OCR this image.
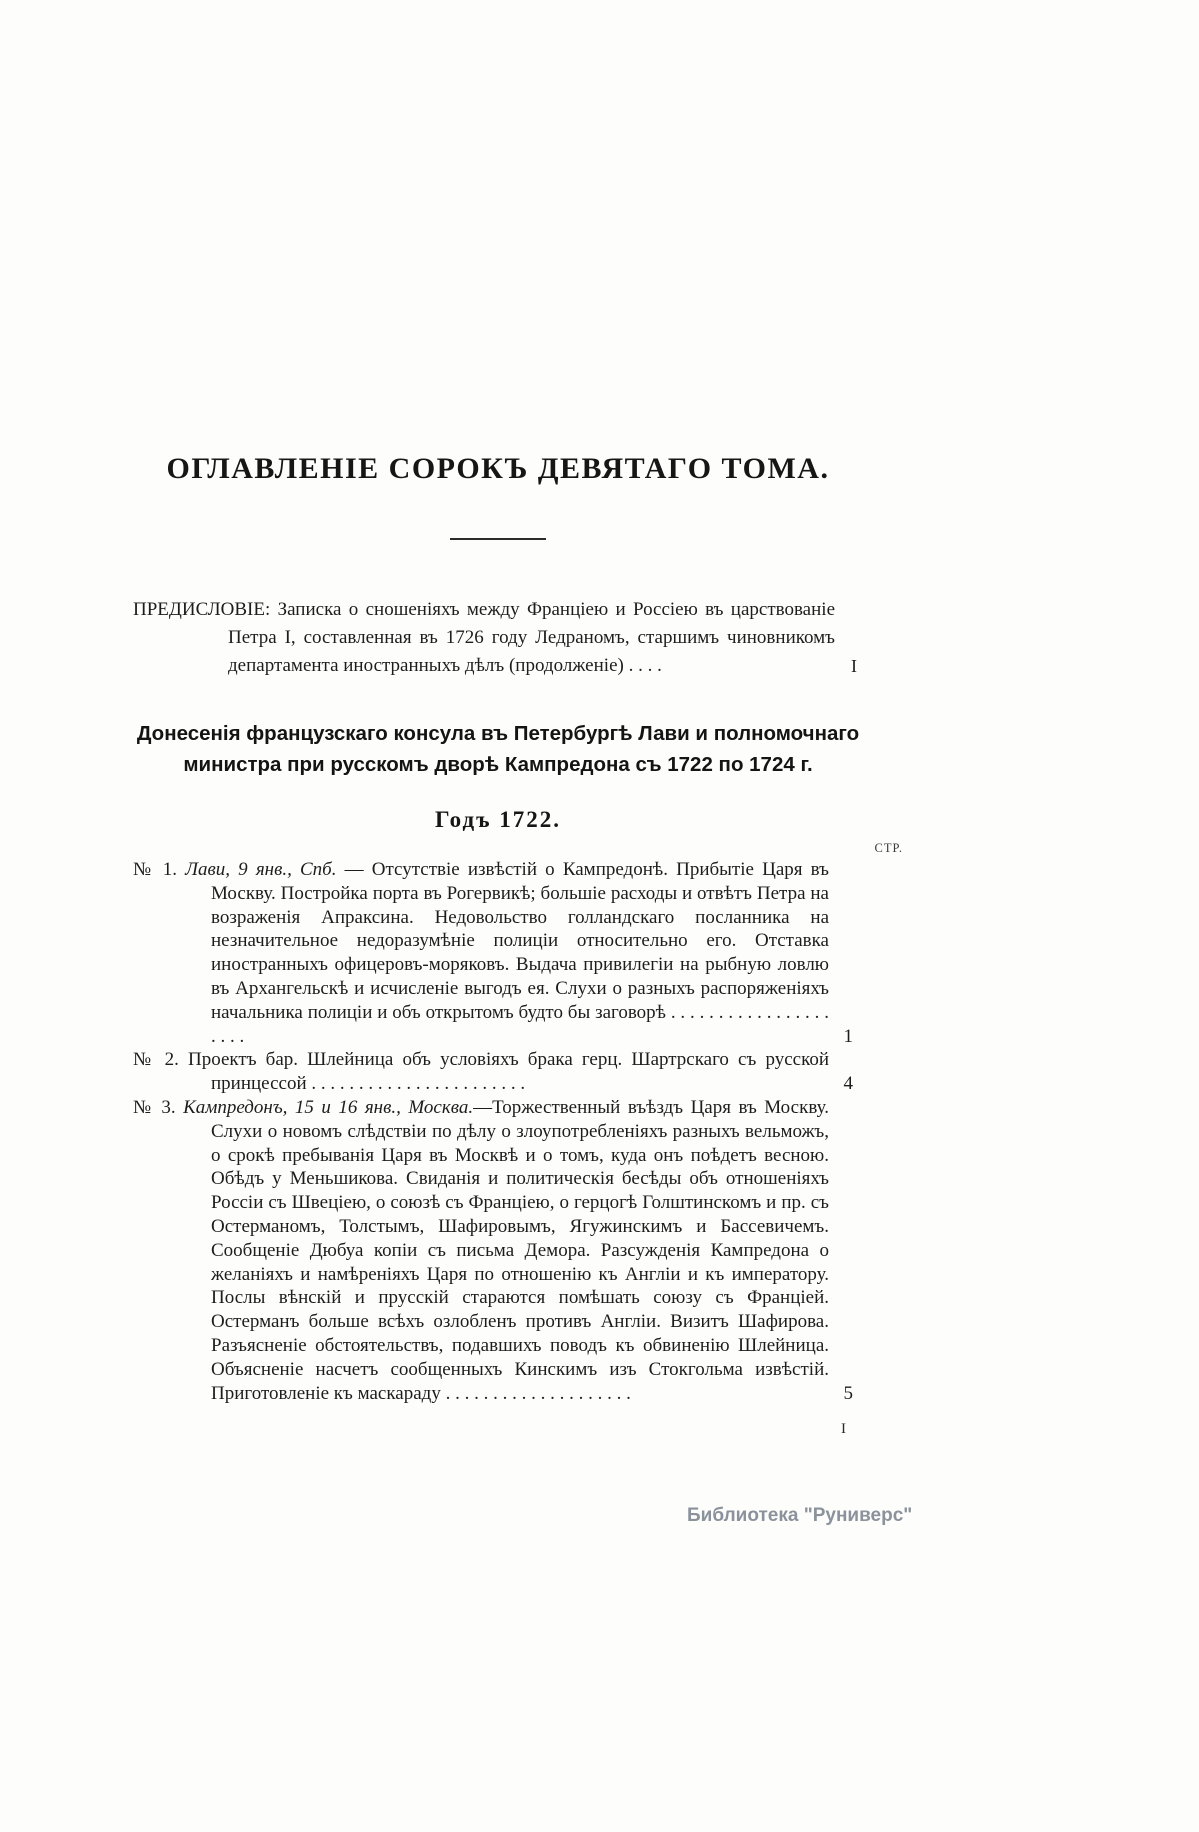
ОГЛАВЛЕНІЕ СОРОКЪ ДЕВЯТАГО ТОМА.
ПРЕДИСЛОВІЕ: Записка о сношеніяхъ между Франціею и Россіею въ царствованіе Петра I, составленная въ 1726 году Ледраномъ, старшимъ чиновникомъ департамента иностранныхъ дѣлъ (продолженіе) . . . .	I
Донесенія французскаго консула въ Петербургѣ Лави и полномочнаго
министра при русскомъ дворѣ Кампредона съ 1722 по 1724 г.
Годъ 1722.
СТР.
№ 1. Лави, 9 янв., Спб. — Отсутствіе извѣстій о Кампредонѣ. Прибытіе Царя въ Москву. Постройка порта въ Рогервикѣ; большіе расходы и отвѣтъ Петра на возраженія Апраксина. Недовольство голландскаго посланника на незначительное недоразумѣніе полиціи относительно его. Отставка иностранныхъ офицеровъ-моряковъ. Выдача привилегіи на рыбную ловлю въ Архангельскѣ и исчисленіе выгодъ ея. Слухи о разныхъ распоряженіяхъ начальника полиціи и объ открытомъ будто бы заговорѣ . . . . . . . . . . . . . . . . . . . . .	1
№ 2. Проектъ бар. Шлейница объ условіяхъ брака герц. Шартрскаго съ русской принцессой . . . . . . . . . . . . . . . . . . . . . . .	4
№ 3. Кампредонъ, 15 и 16 янв., Москва.—Торжественный въѣздъ Царя въ Москву. Слухи о новомъ слѣдствіи по дѣлу о злоупотребленіяхъ разныхъ вельможъ, о срокѣ пребыванія Царя въ Москвѣ и о томъ, куда онъ поѣдетъ весною. Обѣдъ у Меньшикова. Свиданія и политическія бесѣды объ отношеніяхъ Россіи съ Швеціею, о союзѣ съ Франціею, о герцогѣ Голштинскомъ и пр. съ Остерманомъ, Толстымъ, Шафировымъ, Ягужинскимъ и Бассевичемъ. Сообщеніе Дюбуа копіи съ письма Демора. Разсужденія Кампредона о желаніяхъ и намѣреніяхъ Царя по отношенію къ Англіи и къ императору. Послы вѣнскій и прусскій стараются помѣшать союзу съ Франціей. Остерманъ больше всѣхъ озлобленъ противъ Англіи. Визитъ Шафирова. Разъясненіе обстоятельствъ, подавшихъ поводъ къ обвиненію Шлейница. Объясненіе насчетъ сообщенныхъ Кинскимъ изъ Стокгольма извѣстій. Приготовленіе къ маскараду . . . . . . . . . . . . . . . . . . . .	5
I
Библиотека "Руниверс"
